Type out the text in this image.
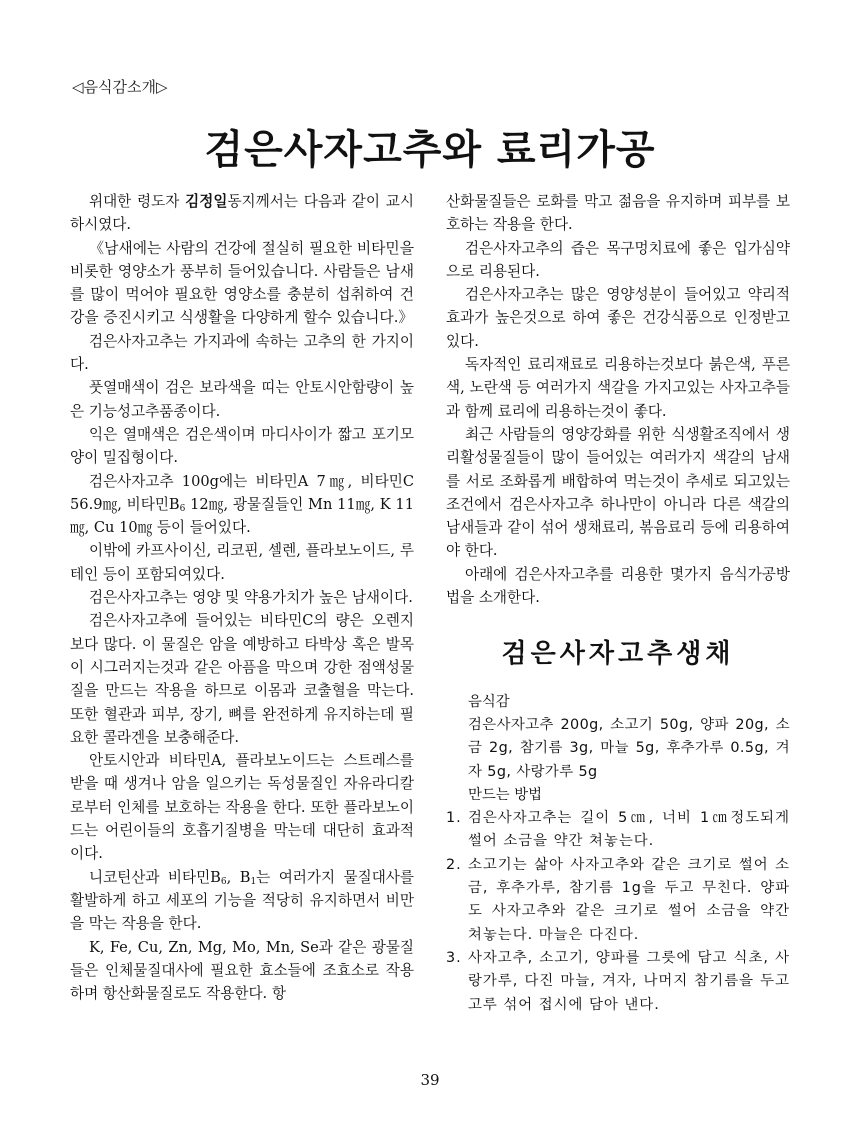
◁음식감소개▷
검은사자고추와 료리가공

위대한 령도자 김정일동지께서는 다음과 같이 교시하시였다.

《남새에는 사람의 건강에 절실히 필요한 비타민을 비롯한 영양소가 풍부히 들어있습니다. 사람들은 남새를 많이 먹어야 필요한 영양소를 충분히 섭취하여 건강을 증진시키고 식생활을 다양하게 할수 있습니다.》

검은사자고추는 가지과에 속하는 고추의 한 가지이다.

풋열매색이 검은 보라색을 띠는 안토시안함량이 높은 기능성고추품종이다.

익은 열매색은 검은색이며 마디사이가 짧고 포기모양이 밀집형이다.

검은사자고추 100g에는 비타민A 7㎎, 비타민C 56.9㎎, 비타민$B_6$ 12㎎, 광물질들인 Mn 11㎎, K 11㎎, Cu 10㎎ 등이 들어있다.

이밖에 카프사이신, 리코핀, 셀렌, 플라보노이드, 루테인 등이 포함되여있다.

검은사자고추는 영양 및 약용가치가 높은 남새이다.

검은사자고추에 들어있는 비타민C의 량은 오렌지보다 많다. 이 물질은 암을 예방하고 타박상 혹은 발목이 시그러지는것과 같은 아픔을 막으며 강한 점액성물질을 만드는 작용을 하므로 이몸과 코출혈을 막는다. 또한 혈관과 피부, 장기, 뼈를 완전하게 유지하는데 필요한 콜라겐을 보충해준다.

안토시안과 비타민A, 플라보노이드는 스트레스를 받을 때 생겨나 암을 일으키는 독성물질인 자유라디칼로부터 인체를 보호하는 작용을 한다. 또한 플라보노이드는 어린이들의 호흡기질병을 막는데 대단히 효과적이다.

니코틴산과 비타민$B_6$, $B_1$는 여러가지 물질대사를 활발하게 하고 세포의 기능을 적당히 유지하면서 비만을 막는 작용을 한다.

K, Fe, Cu, Zn, Mg, Mo, Mn, Se과 같은 광물질들은 인체물질대사에 필요한 효소들에 조효소로 작용하며 항산화물질로도 작용한다. 항

산화물질들은 로화를 막고 젊음을 유지하며 피부를 보호하는 작용을 한다.

검은사자고추의 즙은 목구멍치료에 좋은 입가심약으로 리용된다.

검은사자고추는 많은 영양성분이 들어있고 약리적효과가 높은것으로 하여 좋은 건강식품으로 인정받고있다.

독자적인 료리재료로 리용하는것보다 붉은색, 푸른색, 노란색 등 여러가지 색갈을 가지고있는 사자고추들과 함께 료리에 리용하는것이 좋다.

최근 사람들의 영양강화를 위한 식생활조직에서 생리활성물질들이 많이 들어있는 여러가지 색갈의 남새를 서로 조화롭게 배합하여 먹는것이 추세로 되고있는 조건에서 검은사자고추 하나만이 아니라 다른 색갈의 남새들과 같이 섞어 생채료리, 볶음료리 등에 리용하여야 한다.

아래에 검은사자고추를 리용한 몇가지 음식가공방법을 소개한다.

검은사자고추생채
음식감
검은사자고추 200g, 소고기 50g, 양파 20g, 소금 2g, 참기름 3g, 마늘 5g, 후추가루 0.5g, 겨자 5g, 사랑가루 5g
만드는 방법
1. 검은사자고추는 길이 5㎝, 너비 1㎝정도되게 썰어 소금을 약간 쳐놓는다.
2. 소고기는 삶아 사자고추와 같은 크기로 썰어 소금, 후추가루, 참기름 1g을 두고 무친다. 양파도 사자고추와 같은 크기로 썰어 소금을 약간 쳐놓는다. 마늘은 다진다.
3. 사자고추, 소고기, 양파를 그릇에 담고 식초, 사랑가루, 다진 마늘, 겨자, 나머지 참기름을 두고 고루 섞어 접시에 담아 낸다.
39
